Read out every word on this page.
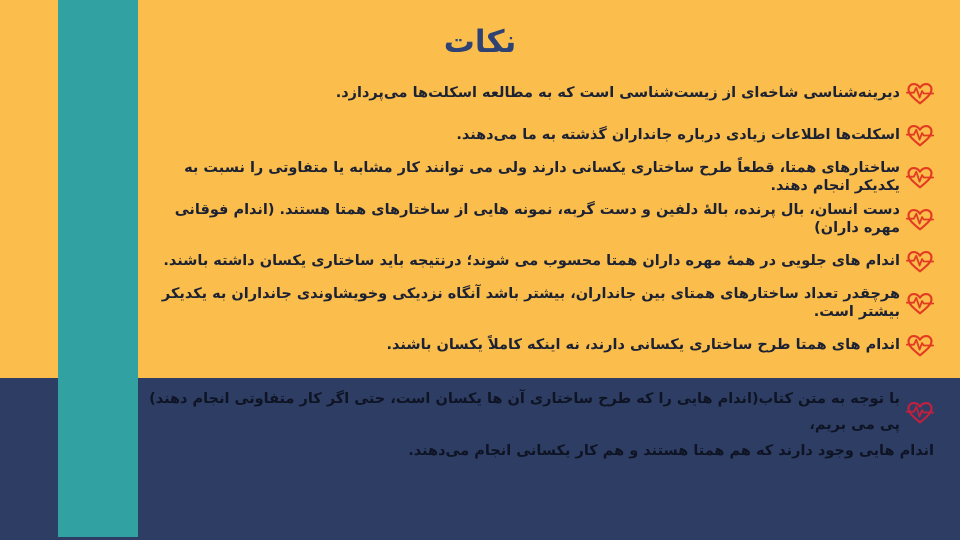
نکات
دیرینه‌شناسی شاخه‌ای از زیست‌شناسی است که به مطالعه اسکلت‌ها می‌پردازد.
اسکلت‌ها اطلاعات زیادی درباره جانداران گذشته به ما می‌دهند.
ساختارهای همتا، قطعاً طرح ساختاری یکسانی دارند ولی می توانند کار مشابه یا متفاوتی را نسبت به یکدیکر انجام دهند.
دست انسان، بال پرنده، بالهٔ دلفین و دست گربه، نمونه هایی از ساختارهای همتا هستند. (اندام فوقانی مهره داران)
اندام های جلویی در همهٔ مهره داران همتا محسوب می شوند؛ درنتیجه باید ساختاری یکسان داشته باشند.
هرچقدر تعداد ساختارهای همتای بین جانداران، بیشتر باشد آنگاه نزدیکی وخویشاوندی جانداران به یکدیکر بیشتر است.
اندام های همتا طرح ساختاری یکسانی دارند، نه اینکه کاملاً یکسان باشند.
با توجه به متن کتاب(اندام هایی را که طرح ساختاری آن ها یکسان است، حتی اگر کار متفاوتی انجام دهند) پی می بریم،
اندام هایی وجود دارند که هم همتا هستند و هم کار یکسانی انجام می‌دهند.
